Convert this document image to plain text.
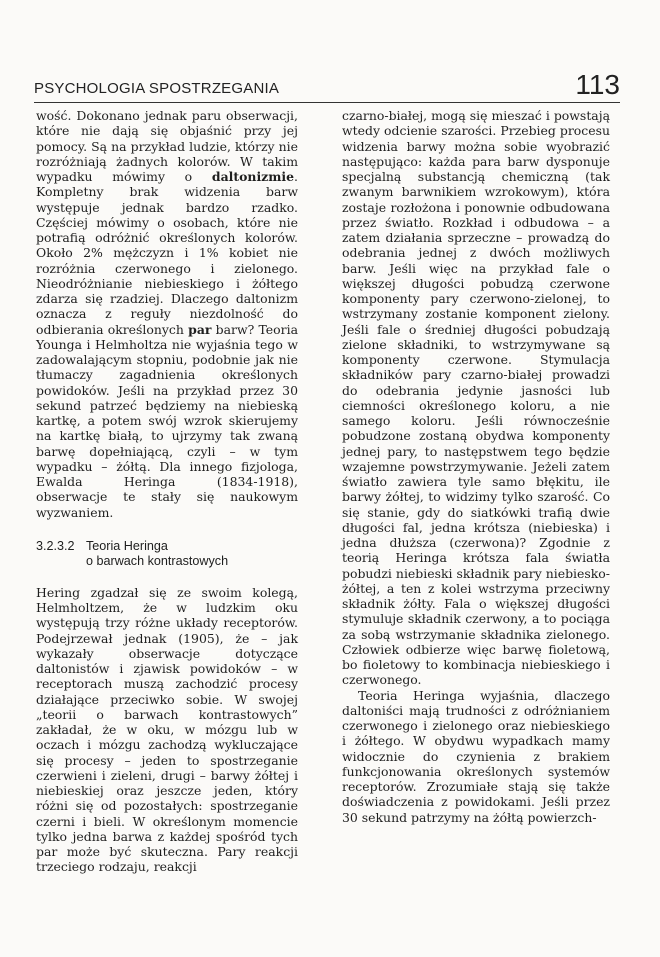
PSYCHOLOGIA SPOSTRZEGANIA	113

wość. Dokonano jednak paru obserwacji, które nie dają się objaśnić przy jej pomocy. Są na przykład ludzie, którzy nie rozróżniają żadnych kolorów. W takim wypadku mówimy o daltonizmie. Kompletny brak widzenia barw występuje jednak bardzo rzadko. Częściej mówimy o osobach, które nie potrafią odróżnić określonych kolorów. Około 2% mężczyzn i 1% kobiet nie rozróżnia czerwonego i zielonego. Nieodróżnianie niebieskiego i żółtego zdarza się rzadziej. Dlaczego daltonizm oznacza z reguły niezdolność do odbierania określonych par barw? Teoria Younga i Helmholtza nie wyjaśnia tego w zadowalającym stopniu, podobnie jak nie tłumaczy zagadnienia określonych powidoków. Jeśli na przykład przez 30 sekund patrzeć będziemy na niebieską kartkę, a potem swój wzrok skierujemy na kartkę białą, to ujrzymy tak zwaną barwę dopełniającą, czyli – w tym wypadku – żółtą. Dla innego fizjologa, Ewalda Heringa (1834-1918), obserwacje te stały się naukowym wyzwaniem.

3.2.3.2 Teoria Heringa
o barwach kontrastowych

Hering zgadzał się ze swoim kolegą, Helmholtzem, że w ludzkim oku występują trzy różne układy receptorów. Podejrzewał jednak (1905), że – jak wykazały obserwacje dotyczące daltonistów i zjawisk powidoków – w receptorach muszą zachodzić procesy działające przeciwko sobie. W swojej „teorii o barwach kontrastowych” zakładał, że w oku, w mózgu lub w oczach i mózgu zachodzą wykluczające się procesy – jeden to spostrzeganie czerwieni i zieleni, drugi – barwy żółtej i niebieskiej oraz jeszcze jeden, który różni się od pozostałych: spostrzeganie czerni i bieli. W określonym momencie tylko jedna barwa z każdej spośród tych par może być skuteczna. Pary reakcji trzeciego rodzaju, reakcji

czarno-białej, mogą się mieszać i powstają wtedy odcienie szarości. Przebieg procesu widzenia barwy można sobie wyobrazić następująco: każda para barw dysponuje specjalną substancją chemiczną (tak zwanym barwnikiem wzrokowym), która zostaje rozłożona i ponownie odbudowana przez światło. Rozkład i odbudowa – a zatem działania sprzeczne – prowadzą do odebrania jednej z dwóch możliwych barw. Jeśli więc na przykład fale o większej długości pobudzą czerwone komponenty pary czerwono-zielonej, to wstrzymany zostanie komponent zielony. Jeśli fale o średniej długości pobudzają zielone składniki, to wstrzymywane są komponenty czerwone. Stymulacja składników pary czarno-białej prowadzi do odebrania jedynie jasności lub ciemności określonego koloru, a nie samego koloru. Jeśli równocześnie pobudzone zostaną obydwa komponenty jednej pary, to następstwem tego będzie wzajemne powstrzymywanie. Jeżeli zatem światło zawiera tyle samo błękitu, ile barwy żółtej, to widzimy tylko szarość. Co się stanie, gdy do siatkówki trafią dwie długości fal, jedna krótsza (niebieska) i jedna dłuższa (czerwona)? Zgodnie z teorią Heringa krótsza fala światła pobudzi niebieski składnik pary niebiesko-żółtej, a ten z kolei wstrzyma przeciwny składnik żółty. Fala o większej długości stymuluje składnik czerwony, a to pociąga za sobą wstrzymanie składnika zielonego. Człowiek odbierze więc barwę fioletową, bo fioletowy to kombinacja niebieskiego i czerwonego.

Teoria Heringa wyjaśnia, dlaczego daltoniści mają trudności z odróżnianiem czerwonego i zielonego oraz niebieskiego i żółtego. W obydwu wypadkach mamy widocznie do czynienia z brakiem funkcjonowania określonych systemów receptorów. Zrozumiałe stają się także doświadczenia z powidokami. Jeśli przez 30 sekund patrzymy na żółtą powierzch-
